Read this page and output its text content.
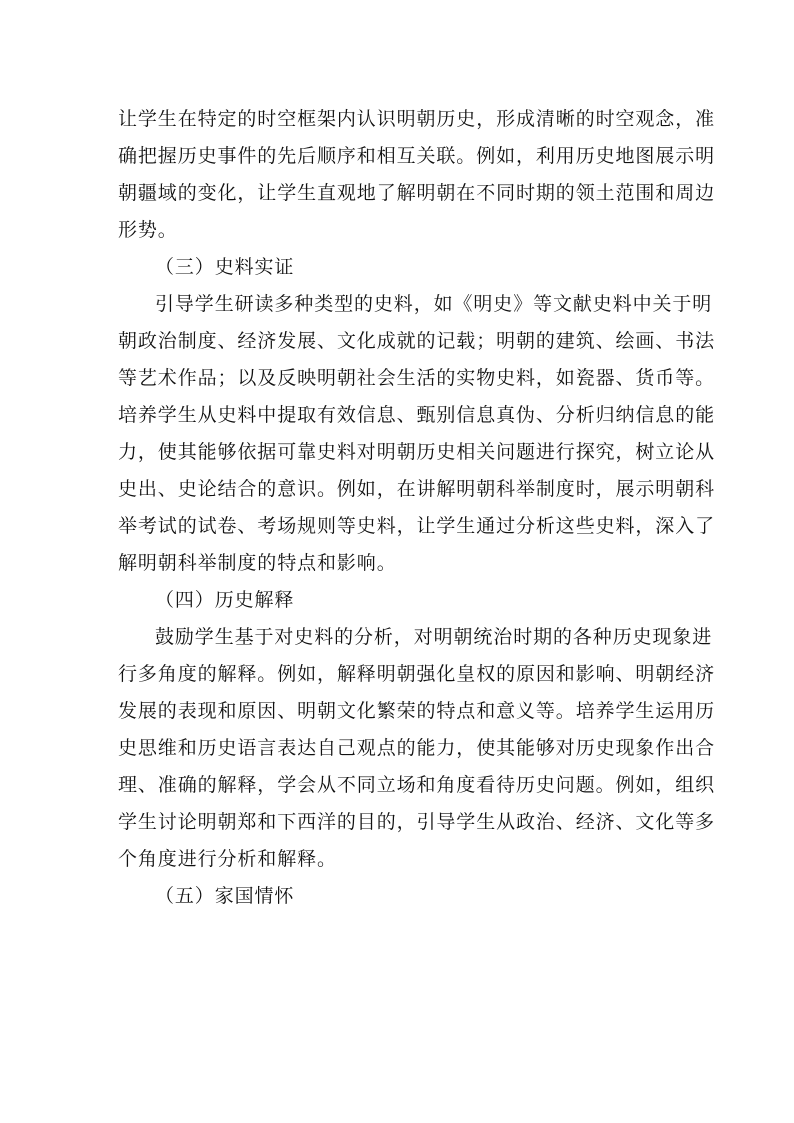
让学生在特定的时空框架内认识明朝历史，形成清晰的时空观念，准
确把握历史事件的先后顺序和相互关联。例如，利用历史地图展示明
朝疆域的变化，让学生直观地了解明朝在不同时期的领土范围和周边
形势。
（三）史料实证
引导学生研读多种类型的史料，如《明史》等文献史料中关于明
朝政治制度、经济发展、文化成就的记载；明朝的建筑、绘画、书法
等艺术作品；以及反映明朝社会生活的实物史料，如瓷器、货币等。
培养学生从史料中提取有效信息、甄别信息真伪、分析归纳信息的能
力，使其能够依据可靠史料对明朝历史相关问题进行探究，树立论从
史出、史论结合的意识。例如，在讲解明朝科举制度时，展示明朝科
举考试的试卷、考场规则等史料，让学生通过分析这些史料，深入了
解明朝科举制度的特点和影响。
（四）历史解释
鼓励学生基于对史料的分析，对明朝统治时期的各种历史现象进
行多角度的解释。例如，解释明朝强化皇权的原因和影响、明朝经济
发展的表现和原因、明朝文化繁荣的特点和意义等。培养学生运用历
史思维和历史语言表达自己观点的能力，使其能够对历史现象作出合
理、准确的解释，学会从不同立场和角度看待历史问题。例如，组织
学生讨论明朝郑和下西洋的目的，引导学生从政治、经济、文化等多
个角度进行分析和解释。
（五）家国情怀
